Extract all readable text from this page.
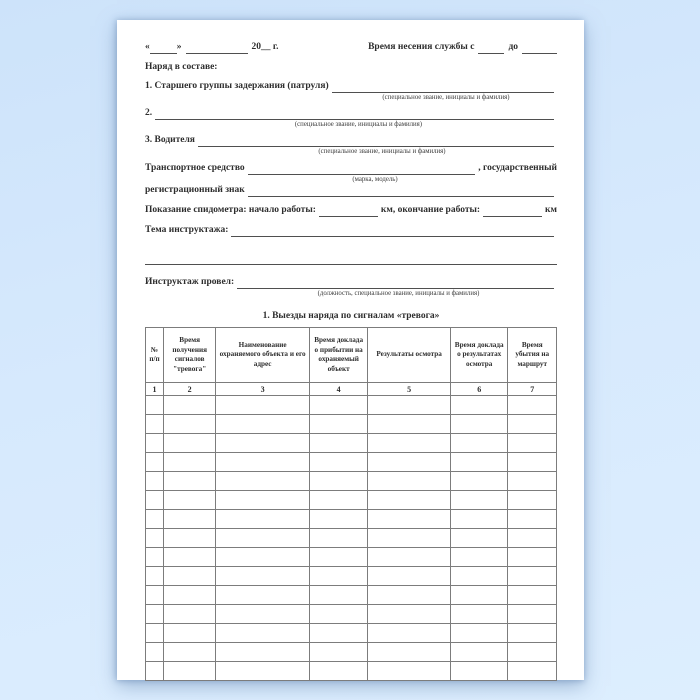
«	»	20__ г.	Время несения службы с	до
Наряд в составе:
1. Старшего группы задержания (патруля)
(специальное звание, инициалы и фамилия)
2.
(специальное звание, инициалы и фамилия)
3. Водителя
(специальное звание, инициалы и фамилия)
Транспортное средство	, государственный
(марка, модель)
регистрационный знак
Показание спидометра: начало работы:	км, окончание работы:	км
Тема инструктажа:
Инструктаж провел:
(должность, специальное звание, инициалы и фамилия)
1. Выезды наряда по сигналам «тревога»
№ п/п	Время получения сигналов "тревога"	Наименование охраняемого объекта и его адрес	Время доклада о прибытии на охраняемый объект	Результаты осмотра	Время доклада о результатах осмотра	Время убытия на маршрут
1	2	3	4	5	6	7
